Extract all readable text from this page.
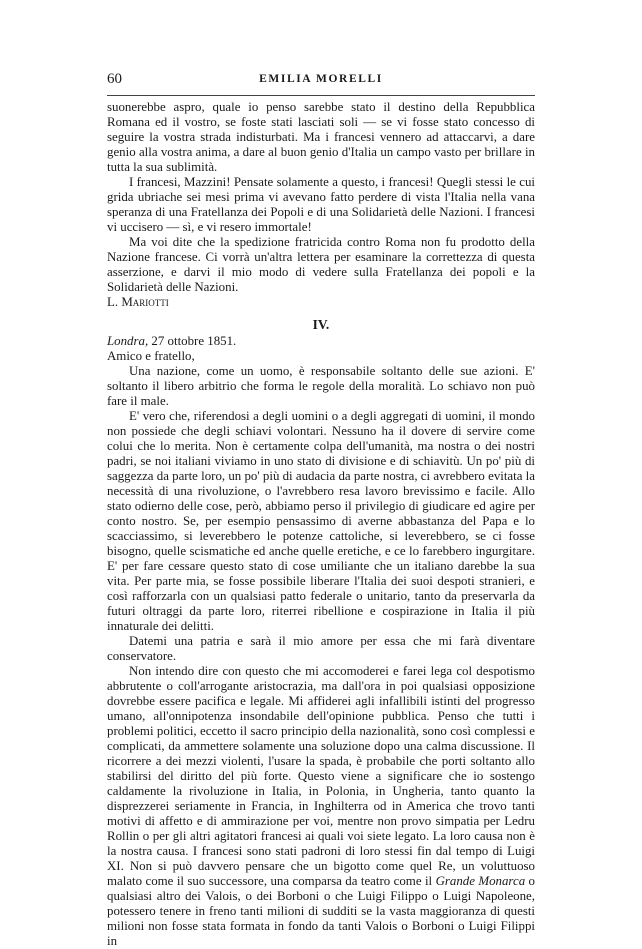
60	EMILIA MORELLI

suonerebbe aspro, quale io penso sarebbe stato il destino della Repubblica Romana ed il vostro, se foste stati lasciati soli — se vi fosse stato concesso di seguire la vostra strada indisturbati. Ma i francesi vennero ad attaccarvi, a dare genio alla vostra anima, a dare al buon genio d'Italia un campo vasto per brillare in tutta la sua sublimità.

I francesi, Mazzini! Pensate solamente a questo, i francesi! Quegli stessi le cui grida ubriache sei mesi prima vi avevano fatto perdere di vista l'Italia nella vana speranza di una Fratellanza dei Popoli e di una Solidarietà delle Nazioni. I francesi vi uccisero — sì, e vi resero immortale!

Ma voi dite che la spedizione fratricida contro Roma non fu prodotto della Nazione francese. Ci vorrà un'altra lettera per esaminare la correttezza di questa asserzione, e darvi il mio modo di vedere sulla Fratellanza dei popoli e la Solidarietà delle Nazioni.

L. Mariotti

IV.

Londra, 27 ottobre 1851.

Amico e fratello,

Una nazione, come un uomo, è responsabile soltanto delle sue azioni. E' soltanto il libero arbitrio che forma le regole della moralità. Lo schiavo non può fare il male.

E' vero che, riferendosi a degli uomini o a degli aggregati di uomini, il mondo non possiede che degli schiavi volontari. Nessuno ha il dovere di servire come colui che lo merita. Non è certamente colpa dell'umanità, ma nostra o dei nostri padri, se noi italiani viviamo in uno stato di divisione e di schiavitù. Un po' più di saggezza da parte loro, un po' più di audacia da parte nostra, ci avrebbero evitata la necessità di una rivoluzione, o l'avrebbero resa lavoro brevissimo e facile. Allo stato odierno delle cose, però, abbiamo perso il privilegio di giudicare ed agire per conto nostro. Se, per esempio pensassimo di averne abbastanza del Papa e lo scacciassimo, si leverebbero le potenze cattoliche, si leverebbero, se ci fosse bisogno, quelle scismatiche ed anche quelle eretiche, e ce lo farebbero ingurgitare. E' per fare cessare questo stato di cose umiliante che un italiano darebbe la sua vita. Per parte mia, se fosse possibile liberare l'Italia dei suoi despoti stranieri, e così rafforzarla con un qualsiasi patto federale o unitario, tanto da preservarla da futuri oltraggi da parte loro, riterrei ribellione e cospirazione in Italia il più innaturale dei delitti.

Datemi una patria e sarà il mio amore per essa che mi farà diventare conservatore.

Non intendo dire con questo che mi accomoderei e farei lega col despotismo abbrutente o coll'arrogante aristocrazia, ma dall'ora in poi qualsiasi opposizione dovrebbe essere pacifica e legale. Mi affiderei agli infallibili istinti del progresso umano, all'onnipotenza insondabile dell'opinione pubblica. Penso che tutti i problemi politici, eccetto il sacro principio della nazionalità, sono così complessi e complicati, da ammettere solamente una soluzione dopo una calma discussione. Il ricorrere a dei mezzi violenti, l'usare la spada, è probabile che porti soltanto allo stabilirsi del diritto del più forte. Questo viene a significare che io sostengo caldamente la rivoluzione in Italia, in Polonia, in Ungheria, tanto quanto la disprezzerei seriamente in Francia, in Inghilterra od in America che trovo tanti motivi di affetto e di ammirazione per voi, mentre non provo simpatia per Ledru Rollin o per gli altri agitatori francesi ai quali voi siete legato. La loro causa non è la nostra causa. I francesi sono stati padroni di loro stessi fin dal tempo di Luigi XI. Non si può davvero pensare che un bigotto come quel Re, un voluttuoso malato come il suo successore, una comparsa da teatro come il Grande Monarca o qualsiasi altro dei Valois, o dei Borboni o che Luigi Filippo o Luigi Napoleone, potessero tenere in freno tanti milioni di sudditi se la vasta maggioranza di questi milioni non fosse stata formata in fondo da tanti Valois o Borboni o Luigi Filippi in
